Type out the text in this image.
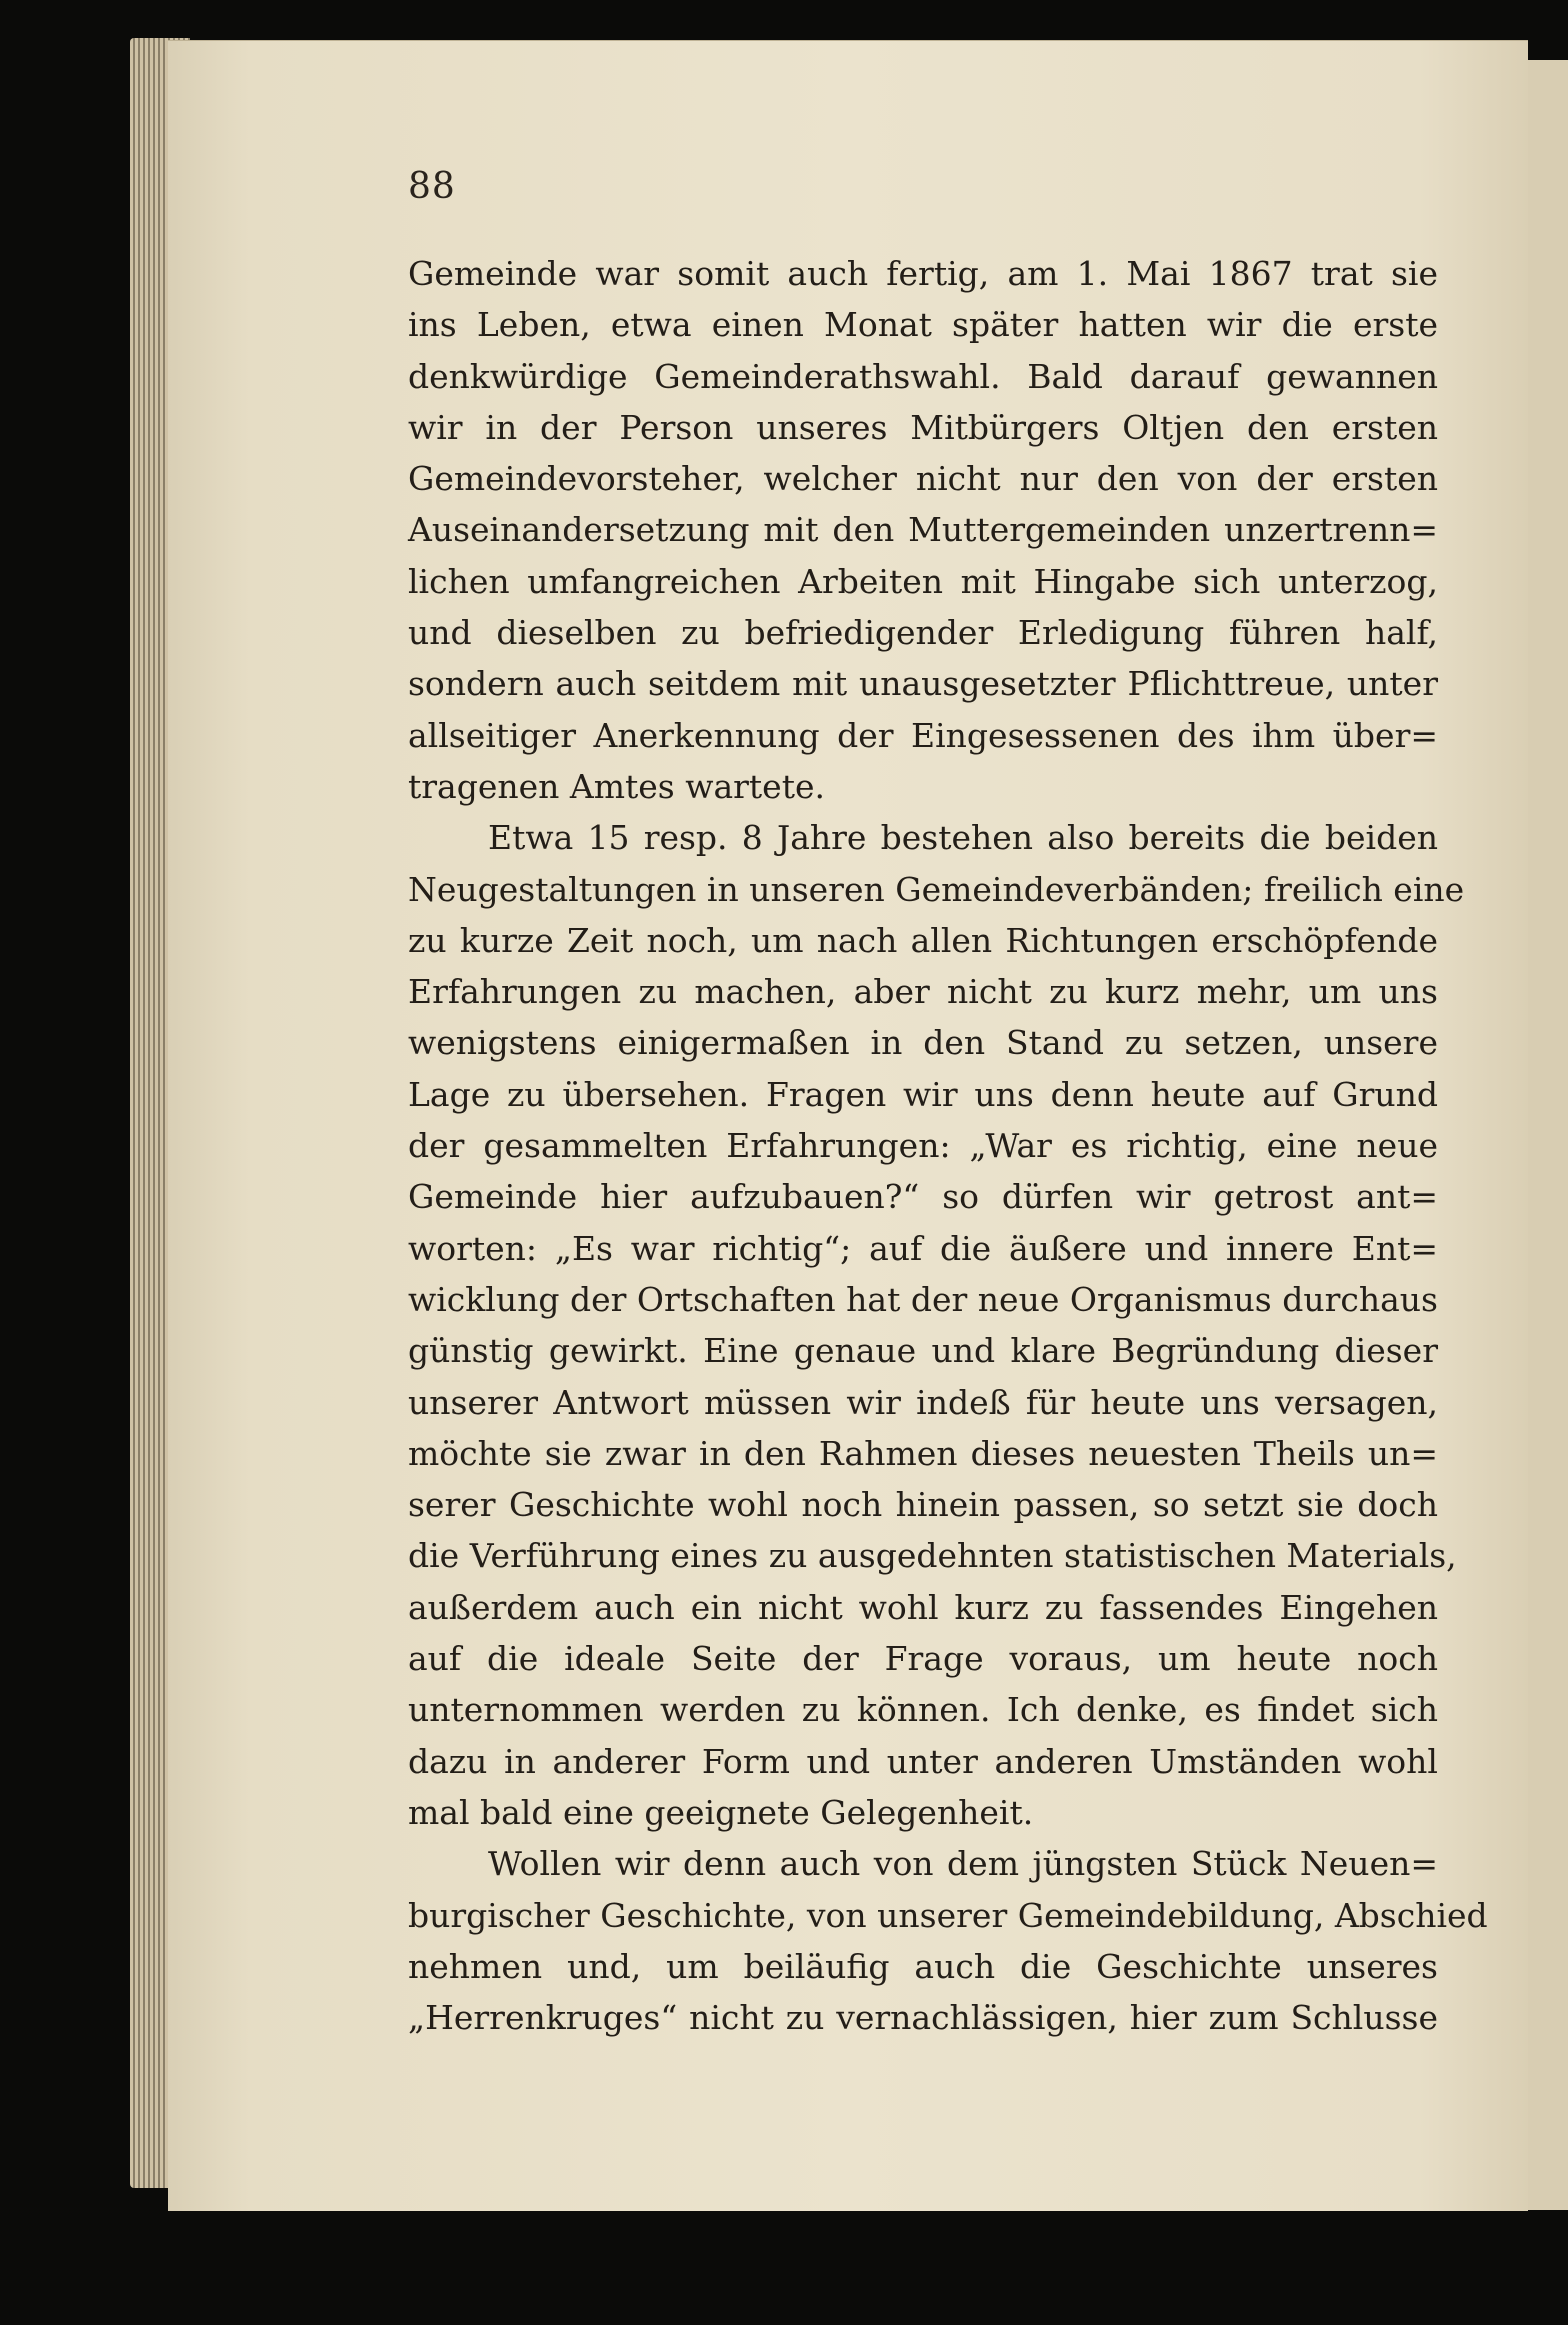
88
Gemeinde war somit auch fertig, am 1. Mai 1867 trat sie
ins Leben, etwa einen Monat später hatten wir die erste
denkwürdige Gemeinderathswahl. Bald darauf gewannen
wir in der Person unseres Mitbürgers Oltjen den ersten
Gemeindevorsteher, welcher nicht nur den von der ersten
Auseinandersetzung mit den Muttergemeinden unzertrenn=
lichen umfangreichen Arbeiten mit Hingabe sich unterzog,
und dieselben zu befriedigender Erledigung führen half,
sondern auch seitdem mit unausgesetzter Pflichttreue, unter
allseitiger Anerkennung der Eingesessenen des ihm über=
tragenen Amtes wartete.
Etwa 15 resp. 8 Jahre bestehen also bereits die beiden
Neugestaltungen in unseren Gemeindeverbänden; freilich eine
zu kurze Zeit noch, um nach allen Richtungen erschöpfende
Erfahrungen zu machen, aber nicht zu kurz mehr, um uns
wenigstens einigermaßen in den Stand zu setzen, unsere
Lage zu übersehen. Fragen wir uns denn heute auf Grund
der gesammelten Erfahrungen: „War es richtig, eine neue
Gemeinde hier aufzubauen?“ so dürfen wir getrost ant=
worten: „Es war richtig“; auf die äußere und innere Ent=
wicklung der Ortschaften hat der neue Organismus durchaus
günstig gewirkt. Eine genaue und klare Begründung dieser
unserer Antwort müssen wir indeß für heute uns versagen,
möchte sie zwar in den Rahmen dieses neuesten Theils un=
serer Geschichte wohl noch hinein passen, so setzt sie doch
die Verführung eines zu ausgedehnten statistischen Materials,
außerdem auch ein nicht wohl kurz zu fassendes Eingehen
auf die ideale Seite der Frage voraus, um heute noch
unternommen werden zu können. Ich denke, es findet sich
dazu in anderer Form und unter anderen Umständen wohl
mal bald eine geeignete Gelegenheit.
Wollen wir denn auch von dem jüngsten Stück Neuen=
burgischer Geschichte, von unserer Gemeindebildung, Abschied
nehmen und, um beiläufig auch die Geschichte unseres
„Herrenkruges“ nicht zu vernachlässigen, hier zum Schlusse
